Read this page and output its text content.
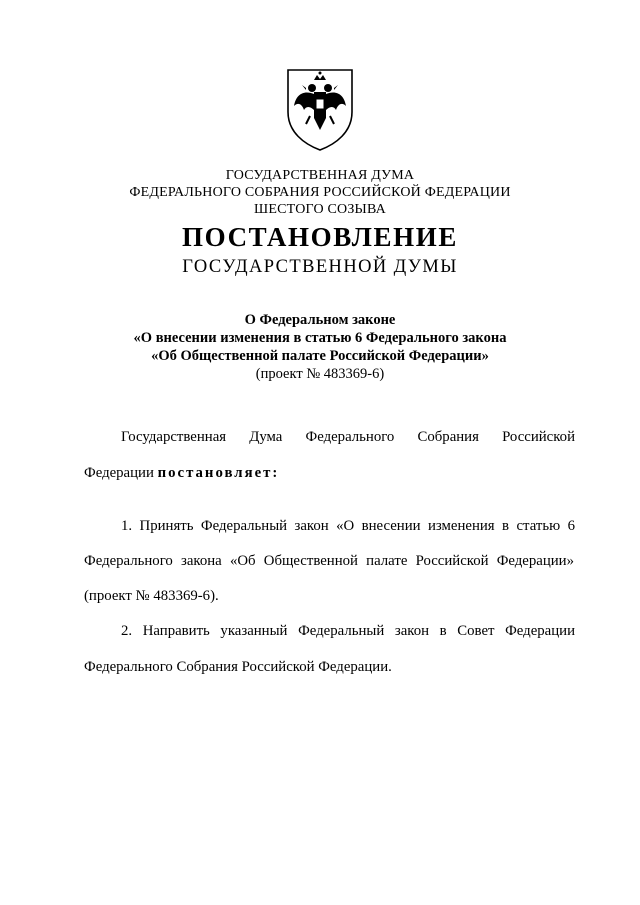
ГОСУДАРСТВЕННАЯ ДУМА
ФЕДЕРАЛЬНОГО СОБРАНИЯ РОССИЙСКОЙ ФЕДЕРАЦИИ
ШЕСТОГО СОЗЫВА
ПОСТАНОВЛЕНИЕ
ГОСУДАРСТВЕННОЙ ДУМЫ
О Федеральном законе
«О внесении изменения в статью 6 Федерального закона
«Об Общественной палате Российской Федерации»
(проект № 483369-6)
Государственная Дума Федерального Собрания Российской
Федерации постановляет:
1. Принять Федеральный закон «О внесении изменения в статью 6
Федерального закона «Об Общественной палате Российской Федерации»
(проект № 483369-6).
2. Направить указанный Федеральный закон в Совет Федерации
Федерального Собрания Российской Федерации.
